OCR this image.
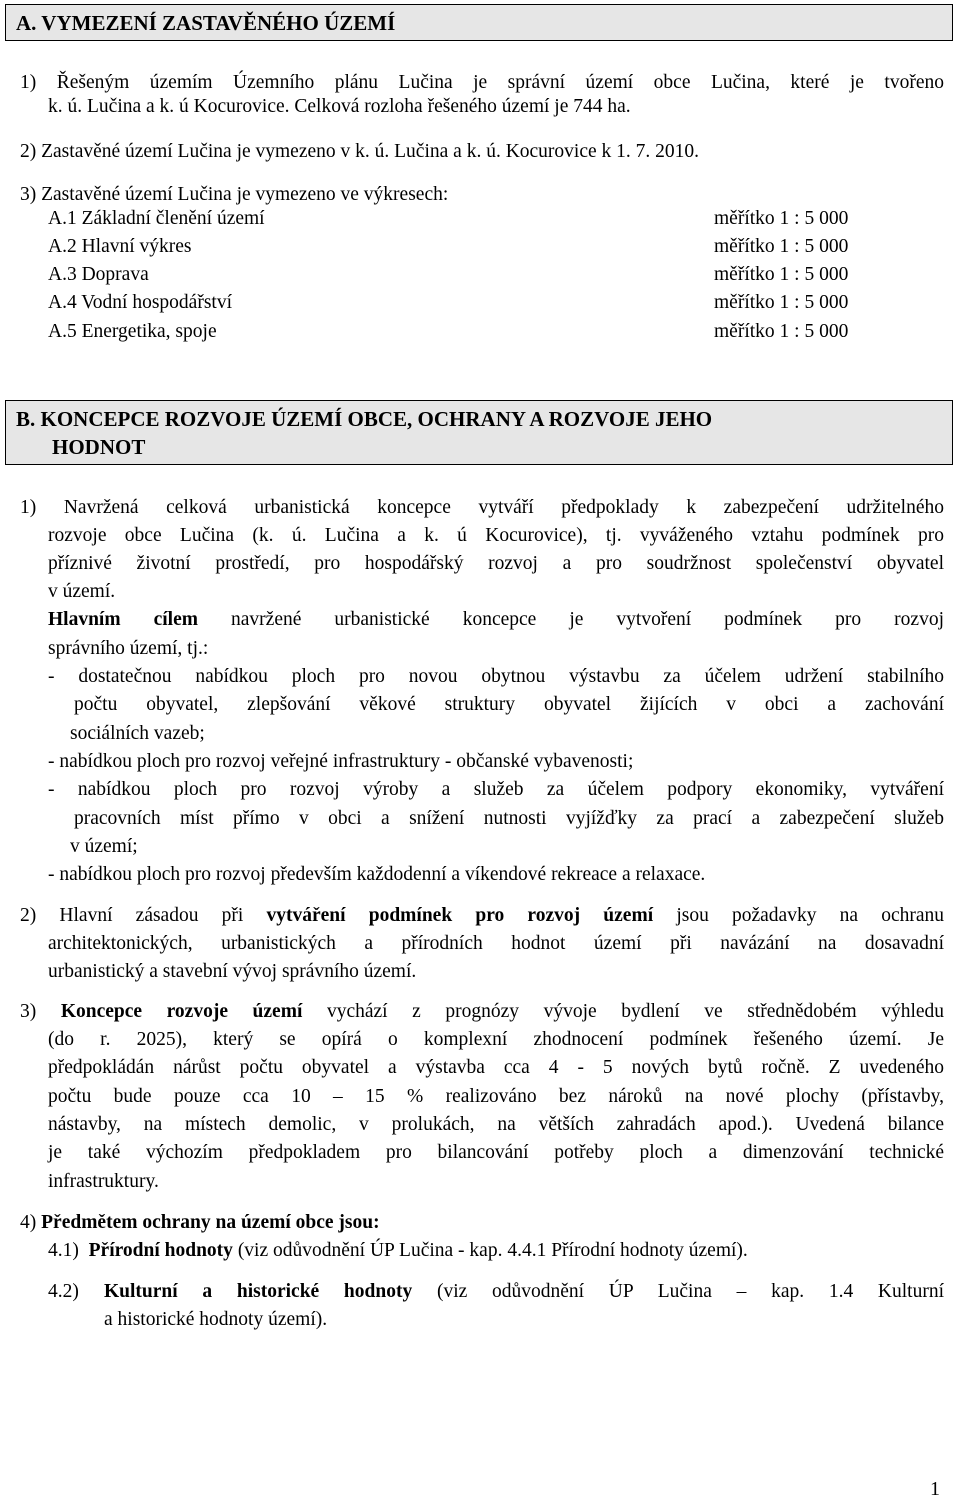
A. VYMEZENÍ ZASTAVĚNÉHO ÚZEMÍ
1) Řešeným územím Územního plánu Lučina je správní území obce Lučina, které je tvořeno
k. ú. Lučina a k. ú Kocurovice. Celková rozloha řešeného území je 744 ha.
2) Zastavěné území Lučina je vymezeno v k. ú. Lučina a k. ú. Kocurovice k 1. 7. 2010.
3) Zastavěné území Lučina je vymezeno ve výkresech:
A.1 Základní členění území	měřítko 1 : 5 000
A.2 Hlavní výkres	měřítko 1 : 5 000
A.3 Doprava	měřítko 1 : 5 000
A.4 Vodní hospodářství	měřítko 1 : 5 000
A.5 Energetika, spoje	měřítko 1 : 5 000
B. KONCEPCE ROZVOJE ÚZEMÍ OBCE, OCHRANY A ROZVOJE JEHO
HODNOT
1) Navržená celková urbanistická koncepce vytváří předpoklady k zabezpečení udržitelného
rozvoje obce Lučina (k. ú. Lučina a k. ú Kocurovice), tj. vyváženého vztahu podmínek pro
příznivé životní prostředí, pro hospodářský rozvoj a pro soudržnost společenství obyvatel
v území.
Hlavním cílem navržené urbanistické koncepce je vytvoření podmínek pro rozvoj
správního území, tj.:
- dostatečnou nabídkou ploch pro novou obytnou výstavbu za účelem udržení stabilního
počtu obyvatel, zlepšování věkové struktury obyvatel žijících v obci a zachování
sociálních vazeb;
- nabídkou ploch pro rozvoj veřejné infrastruktury - občanské vybavenosti;
- nabídkou ploch pro rozvoj výroby a služeb za účelem podpory ekonomiky, vytváření
pracovních míst přímo v obci a snížení nutnosti vyjížďky za prací a zabezpečení služeb
v území;
- nabídkou ploch pro rozvoj především každodenní a víkendové rekreace a relaxace.
2) Hlavní zásadou při vytváření podmínek pro rozvoj území jsou požadavky na ochranu
architektonických, urbanistických a přírodních hodnot území při navázání na dosavadní
urbanistický a stavební vývoj správního území.
3) Koncepce rozvoje území vychází z prognózy vývoje bydlení ve střednědobém výhledu
(do r. 2025), který se opírá o komplexní zhodnocení podmínek řešeného území. Je
předpokládán nárůst počtu obyvatel a výstavba cca 4 - 5 nových bytů ročně. Z uvedeného
počtu bude pouze cca 10 – 15 % realizováno bez nároků na nové plochy (přístavby,
nástavby, na místech demolic, v prolukách, na větších zahradách apod.). Uvedená bilance
je také výchozím předpokladem pro bilancování potřeby ploch a dimenzování technické
infrastruktury.
4) Předmětem ochrany na území obce jsou:
4.1) Přírodní hodnoty (viz odůvodnění ÚP Lučina - kap. 4.4.1 Přírodní hodnoty území).
4.2) Kulturní a historické hodnoty (viz odůvodnění ÚP Lučina – kap. 1.4 Kulturní
a historické hodnoty území).
1
